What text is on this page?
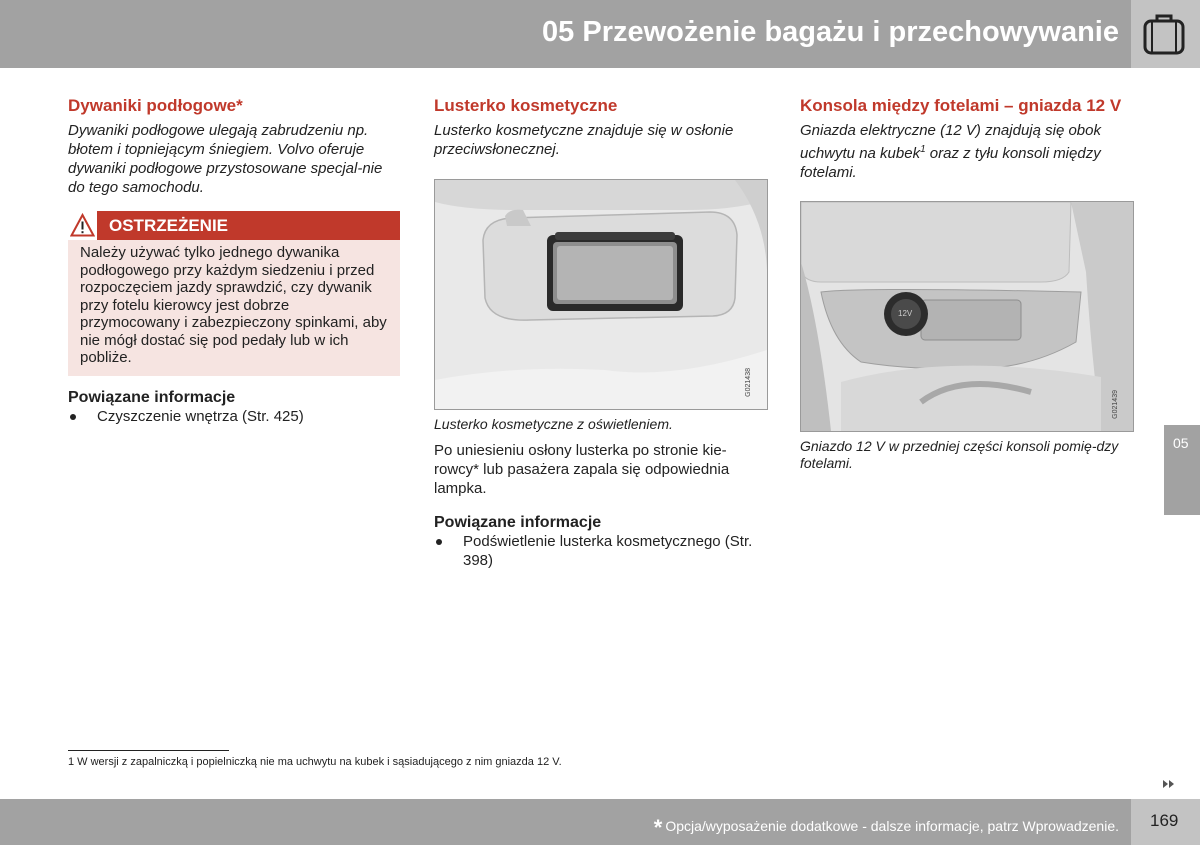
05 Przewożenie bagażu i przechowywanie
Dywaniki podłogowe*

Dywaniki podłogowe ulegają zabrudzeniu np. błotem i topniejącym śniegiem. Volvo oferuje dywaniki podłogowe przystosowane specjal-nie do tego samochodu.

OSTRZEŻENIE
Należy używać tylko jednego dywanika podłogowego przy każdym siedzeniu i przed rozpoczęciem jazdy sprawdzić, czy dywanik przy fotelu kierowcy jest dobrze przymocowany i zabezpieczony spinkami, aby nie mógł dostać się pod pedały lub w ich pobliże.
Powiązane informacje
Czyszczenie wnętrza (Str. 425)
Lusterko kosmetyczne

Lusterko kosmetyczne znajduje się w osłonie przeciwsłonecznej.

G021438
Lusterko kosmetyczne z oświetleniem.
Po uniesieniu osłony lusterka po stronie kie-rowcy* lub pasażera zapala się odpowiednia lampka.
Powiązane informacje
Podświetlenie lusterka kosmetycznego (Str. 398)
Konsola między fotelami – gniazda 12 V

Gniazda elektryczne (12 V) znajdują się obok uchwytu na kubek$^1$ oraz z tyłu konsoli między fotelami.

12V
G021439
Gniazdo 12 V w przedniej części konsoli pomię-dzy fotelami.
05
1 W wersji z zapalniczką i popielniczką nie ma uchwytu na kubek i sąsiadującego z nim gniazda 12 V.
* Opcja/wyposażenie dodatkowe - dalsze informacje, patrz Wprowadzenie. 169
